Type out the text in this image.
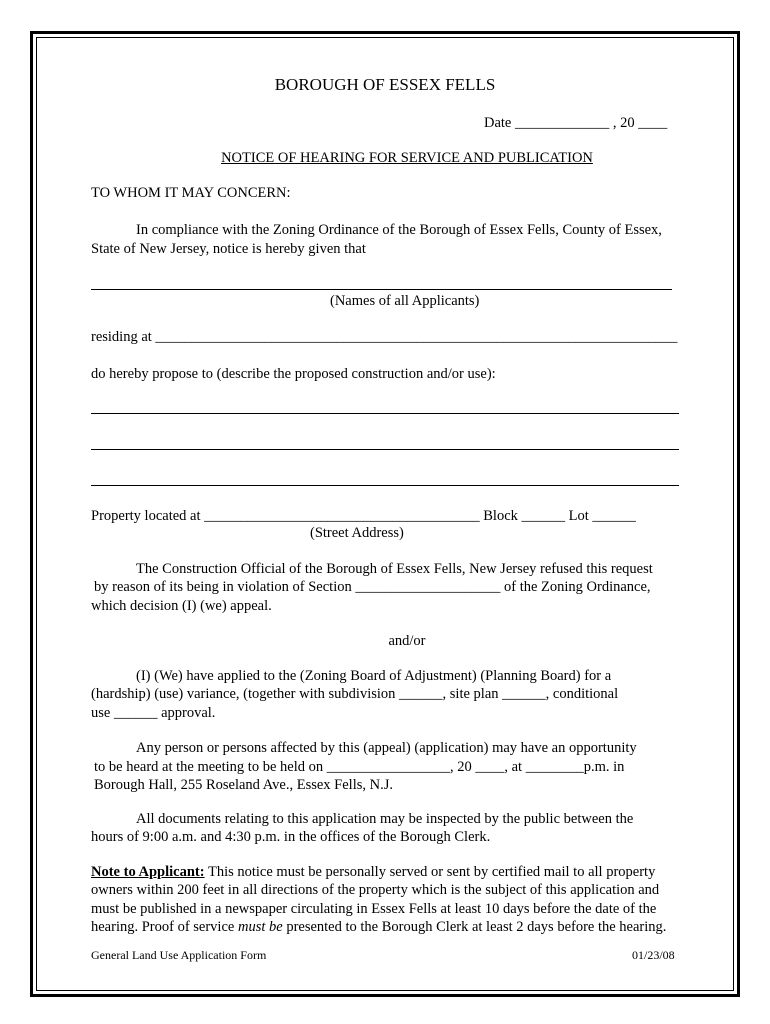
BOROUGH OF ESSEX FELLS
Date _____________ , 20 ____
NOTICE OF HEARING FOR SERVICE AND PUBLICATION
TO WHOM IT MAY CONCERN:
In compliance with the Zoning Ordinance of the Borough of Essex Fells, County of Essex,
State of New Jersey, notice is hereby given that
(Names of all Applicants)
residing at ________________________________________________________________________
do hereby propose to (describe the proposed construction and/or use):
Property located at ______________________________________ Block ______ Lot ______
(Street Address)
The Construction Official of the Borough of Essex Fells, New Jersey refused this request
by reason of its being in violation of Section ____________________ of the Zoning Ordinance,
which decision (I) (we) appeal.
and/or
(I) (We) have applied to the (Zoning Board of Adjustment) (Planning Board) for a
(hardship) (use) variance, (together with subdivision ______, site plan ______, conditional
use ______ approval.
Any person or persons affected by this (appeal) (application) may have an opportunity
to be heard at the meeting to be held on _________________, 20 ____, at ________p.m. in
Borough Hall, 255 Roseland Ave., Essex Fells, N.J.
All documents relating to this application may be inspected by the public between the
hours of 9:00 a.m. and 4:30 p.m. in the offices of the Borough Clerk.
Note to Applicant: This notice must be personally served or sent by certified mail to all property
owners within 200 feet in all directions of the property which is the subject of this application and
must be published in a newspaper circulating in Essex Fells at least 10 days before the date of the
hearing. Proof of service must be presented to the Borough Clerk at least 2 days before the hearing.
General Land Use Application Form	01/23/08
